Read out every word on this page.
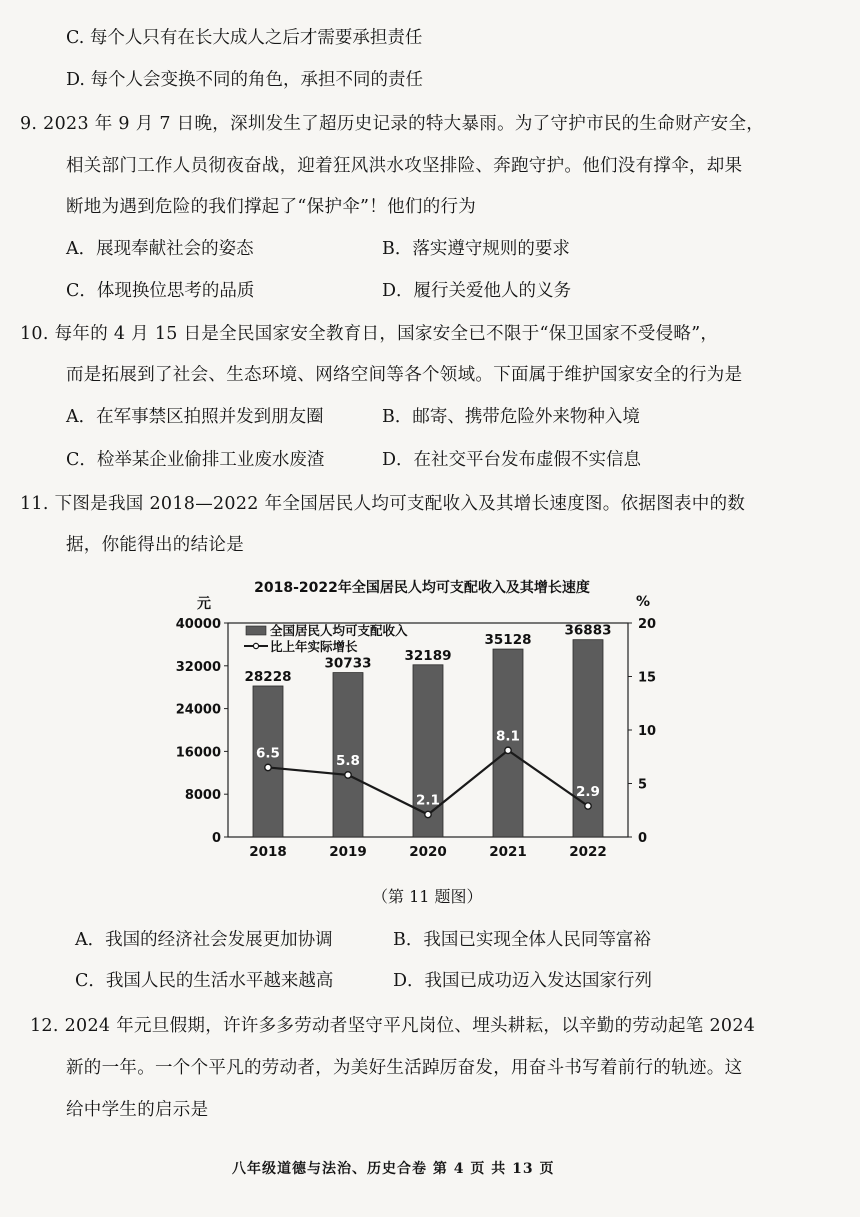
C. 每个人只有在长大成人之后才需要承担责任
D. 每个人会变换不同的角色，承担不同的责任
9. 2023 年 9 月 7 日晚，深圳发生了超历史记录的特大暴雨。为了守护市民的生命财产安全，
相关部门工作人员彻夜奋战，迎着狂风洪水攻坚排险、奔跑守护。他们没有撑伞，却果
断地为遇到危险的我们撑起了“保护伞”！他们的行为
A．展现奉献社会的姿态	B．落实遵守规则的要求
C．体现换位思考的品质	D．履行关爱他人的义务
10. 每年的 4 月 15 日是全民国家安全教育日，国家安全已不限于“保卫国家不受侵略”，
而是拓展到了社会、生态环境、网络空间等各个领域。下面属于维护国家安全的行为是
A．在军事禁区拍照并发到朋友圈	B．邮寄、携带危险外来物种入境
C．检举某企业偷排工业废水废渣	D．在社交平台发布虚假不实信息
11. 下图是我国 2018—2022 年全国居民人均可支配收入及其增长速度图。依据图表中的数
据，你能得出的结论是
2018-2022年全国居民人均可支配收入及其增长速度
元	%
全国居民人均可支配收入
比上年实际增长
0
8000
16000
24000
32000
40000
0
5
10
15
20
28228
30733 32189
35128
36883
2018	2019	2020	2021	2022
6.5	5.8
2.1
8.1
2.9
（第 11 题图）
A．我国的经济社会发展更加协调	B．我国已实现全体人民同等富裕
C．我国人民的生活水平越来越高	D．我国已成功迈入发达国家行列
12. 2024 年元旦假期，许许多多劳动者坚守平凡岗位、埋头耕耘，以辛勤的劳动起笔 2024
新的一年。一个个平凡的劳动者，为美好生活踔厉奋发，用奋斗书写着前行的轨迹。这
给中学生的启示是
八年级道德与法治、历史合卷 第 4 页 共 13 页
